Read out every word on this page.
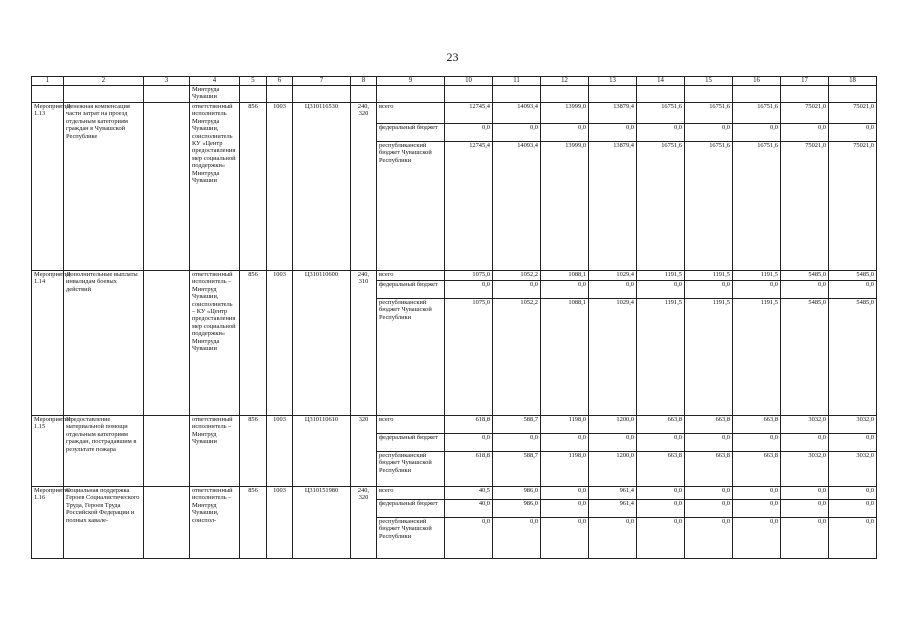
23
1	2	3	4	5	6	7	8	9	10	11	12	13	14	15	16	17	18
			Минтруда Чувашии														
Мероприятие 1.13	Денежная компенсация части затрат на проезд отдельным категориям граждан в Чувашской Республике		ответственный исполнитель Минтруда Чувашии, соисполнитель КУ «Центр предоставления мер социальной поддержки» Минтруда Чувашии	856	1003	Ц310116530	240, 320	всего	12745,4	14093,4	13999,0	13879,4	16751,6	16751,6	16751,6	75021,0	75021,0
								федеральный бюджет	0,0	0,0	0,0	0,0	0,0	0,0	0,0	0,0	0,0
								республиканский бюджет Чувашской Республики	12745,4	14093,4	13999,0	13879,4	16751,6	16751,6	16751,6	75021,0	75021,0
Мероприятие 1.14	Дополнительные выплаты инвалидам боевых действий		ответственный исполнитель – Минтруд Чувашии, соисполнитель – КУ «Центр предоставления мер социальной поддержки» Минтруда Чувашии	856	1003	Ц310110600	240, 310	всего	1075,0	1052,2	1088,1	1029,4	1191,5	1191,5	1191,5	5485,0	5485,0
								федеральный бюджет	0,0	0,0	0,0	0,0	0,0	0,0	0,0	0,0	0,0
								республиканский бюджет Чувашской Республики	1075,0	1052,2	1088,1	1029,4	1191,5	1191,5	1191,5	5485,0	5485,0
Мероприятие 1.15	Предоставление материальной помощи отдельным категориям граждан, пострадавшим в результате пожара		ответственный исполнитель – Минтруд Чувашии	856	1003	Ц310110610	320	всего	618,8	588,7	1198,0	1200,0	663,8	663,8	663,8	3032,0	3032,0
								федеральный бюджет	0,0	0,0	0,0	0,0	0,0	0,0	0,0	0,0	0,0
								республиканский бюджет Чувашской Республики	618,8	588,7	1198,0	1200,0	663,8	663,8	663,8	3032,0	3032,0
Мероприятие 1.16	Социальная поддержка Героев Социалистического Труда, Героев Труда Российской Федерации и полных кавале-		ответственный исполнитель – Минтруд Чувашии, соиспол-	856	1003	Ц310151980	240, 320	всего	40,5	986,0	0,0	961,4	0,0	0,0	0,0	0,0	0,0
								федеральный бюджет	40,0	986,0	0,0	961,4	0,0	0,0	0,0	0,0	0,0
								республиканский бюджет Чувашской Республики	0,0	0,0	0,0	0,0	0,0	0,0	0,0	0,0	0,0
